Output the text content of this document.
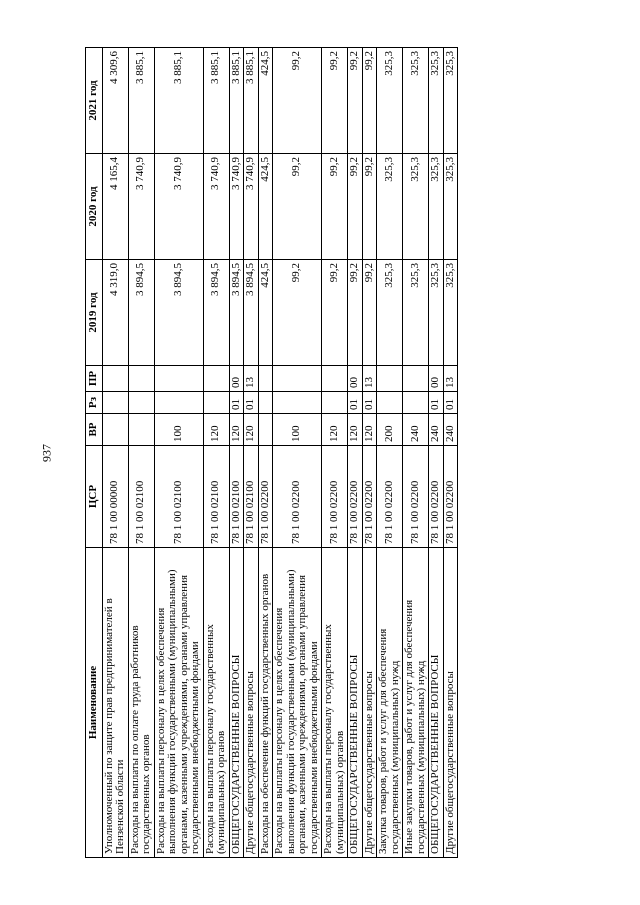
937
Наименование	ЦСР	ВР	Рз	ПР	2019 год	2020 год	2021 год
Уполномоченный по защите прав предпринимателей в Пензенской области	78 1 00 00000				4 319,0	4 165,4	4 309,6
Расходы на выплаты по оплате труда работников государственных органов	78 1 00 02100				3 894,5	3 740,9	3 885,1
Расходы на выплаты персоналу в целях обеспечения выполнения функций государственными (муниципальными) органами, казенными учреждениями, органами управления государственными внебюджетными фондами	78 1 00 02100	100			3 894,5	3 740,9	3 885,1
Расходы на выплаты персоналу государственных (муниципальных) органов	78 1 00 02100	120			3 894,5	3 740,9	3 885,1
ОБЩЕГОСУДАРСТВЕННЫЕ ВОПРОСЫ	78 1 00 02100	120	01	00	3 894,5	3 740,9	3 885,1
Другие общегосударственные вопросы	78 1 00 02100	120	01	13	3 894,5	3 740,9	3 885,1
Расходы на обеспечение функций государственных органов	78 1 00 02200				424,5	424,5	424,5
Расходы на выплаты персоналу в целях обеспечения выполнения функций государственными (муниципальными) органами, казенными учреждениями, органами управления государственными внебюджетными фондами	78 1 00 02200	100			99,2	99,2	99,2
Расходы на выплаты персоналу государственных (муниципальных) органов	78 1 00 02200	120			99,2	99,2	99,2
ОБЩЕГОСУДАРСТВЕННЫЕ ВОПРОСЫ	78 1 00 02200	120	01	00	99,2	99,2	99,2
Другие общегосударственные вопросы	78 1 00 02200	120	01	13	99,2	99,2	99,2
Закупка товаров, работ и услуг для обеспечения государственных (муниципальных) нужд	78 1 00 02200	200			325,3	325,3	325,3
Иные закупки товаров, работ и услуг для обеспечения государственных (муниципальных) нужд	78 1 00 02200	240			325,3	325,3	325,3
ОБЩЕГОСУДАРСТВЕННЫЕ ВОПРОСЫ	78 1 00 02200	240	01	00	325,3	325,3	325,3
Другие общегосударственные вопросы	78 1 00 02200	240	01	13	325,3	325,3	325,3
